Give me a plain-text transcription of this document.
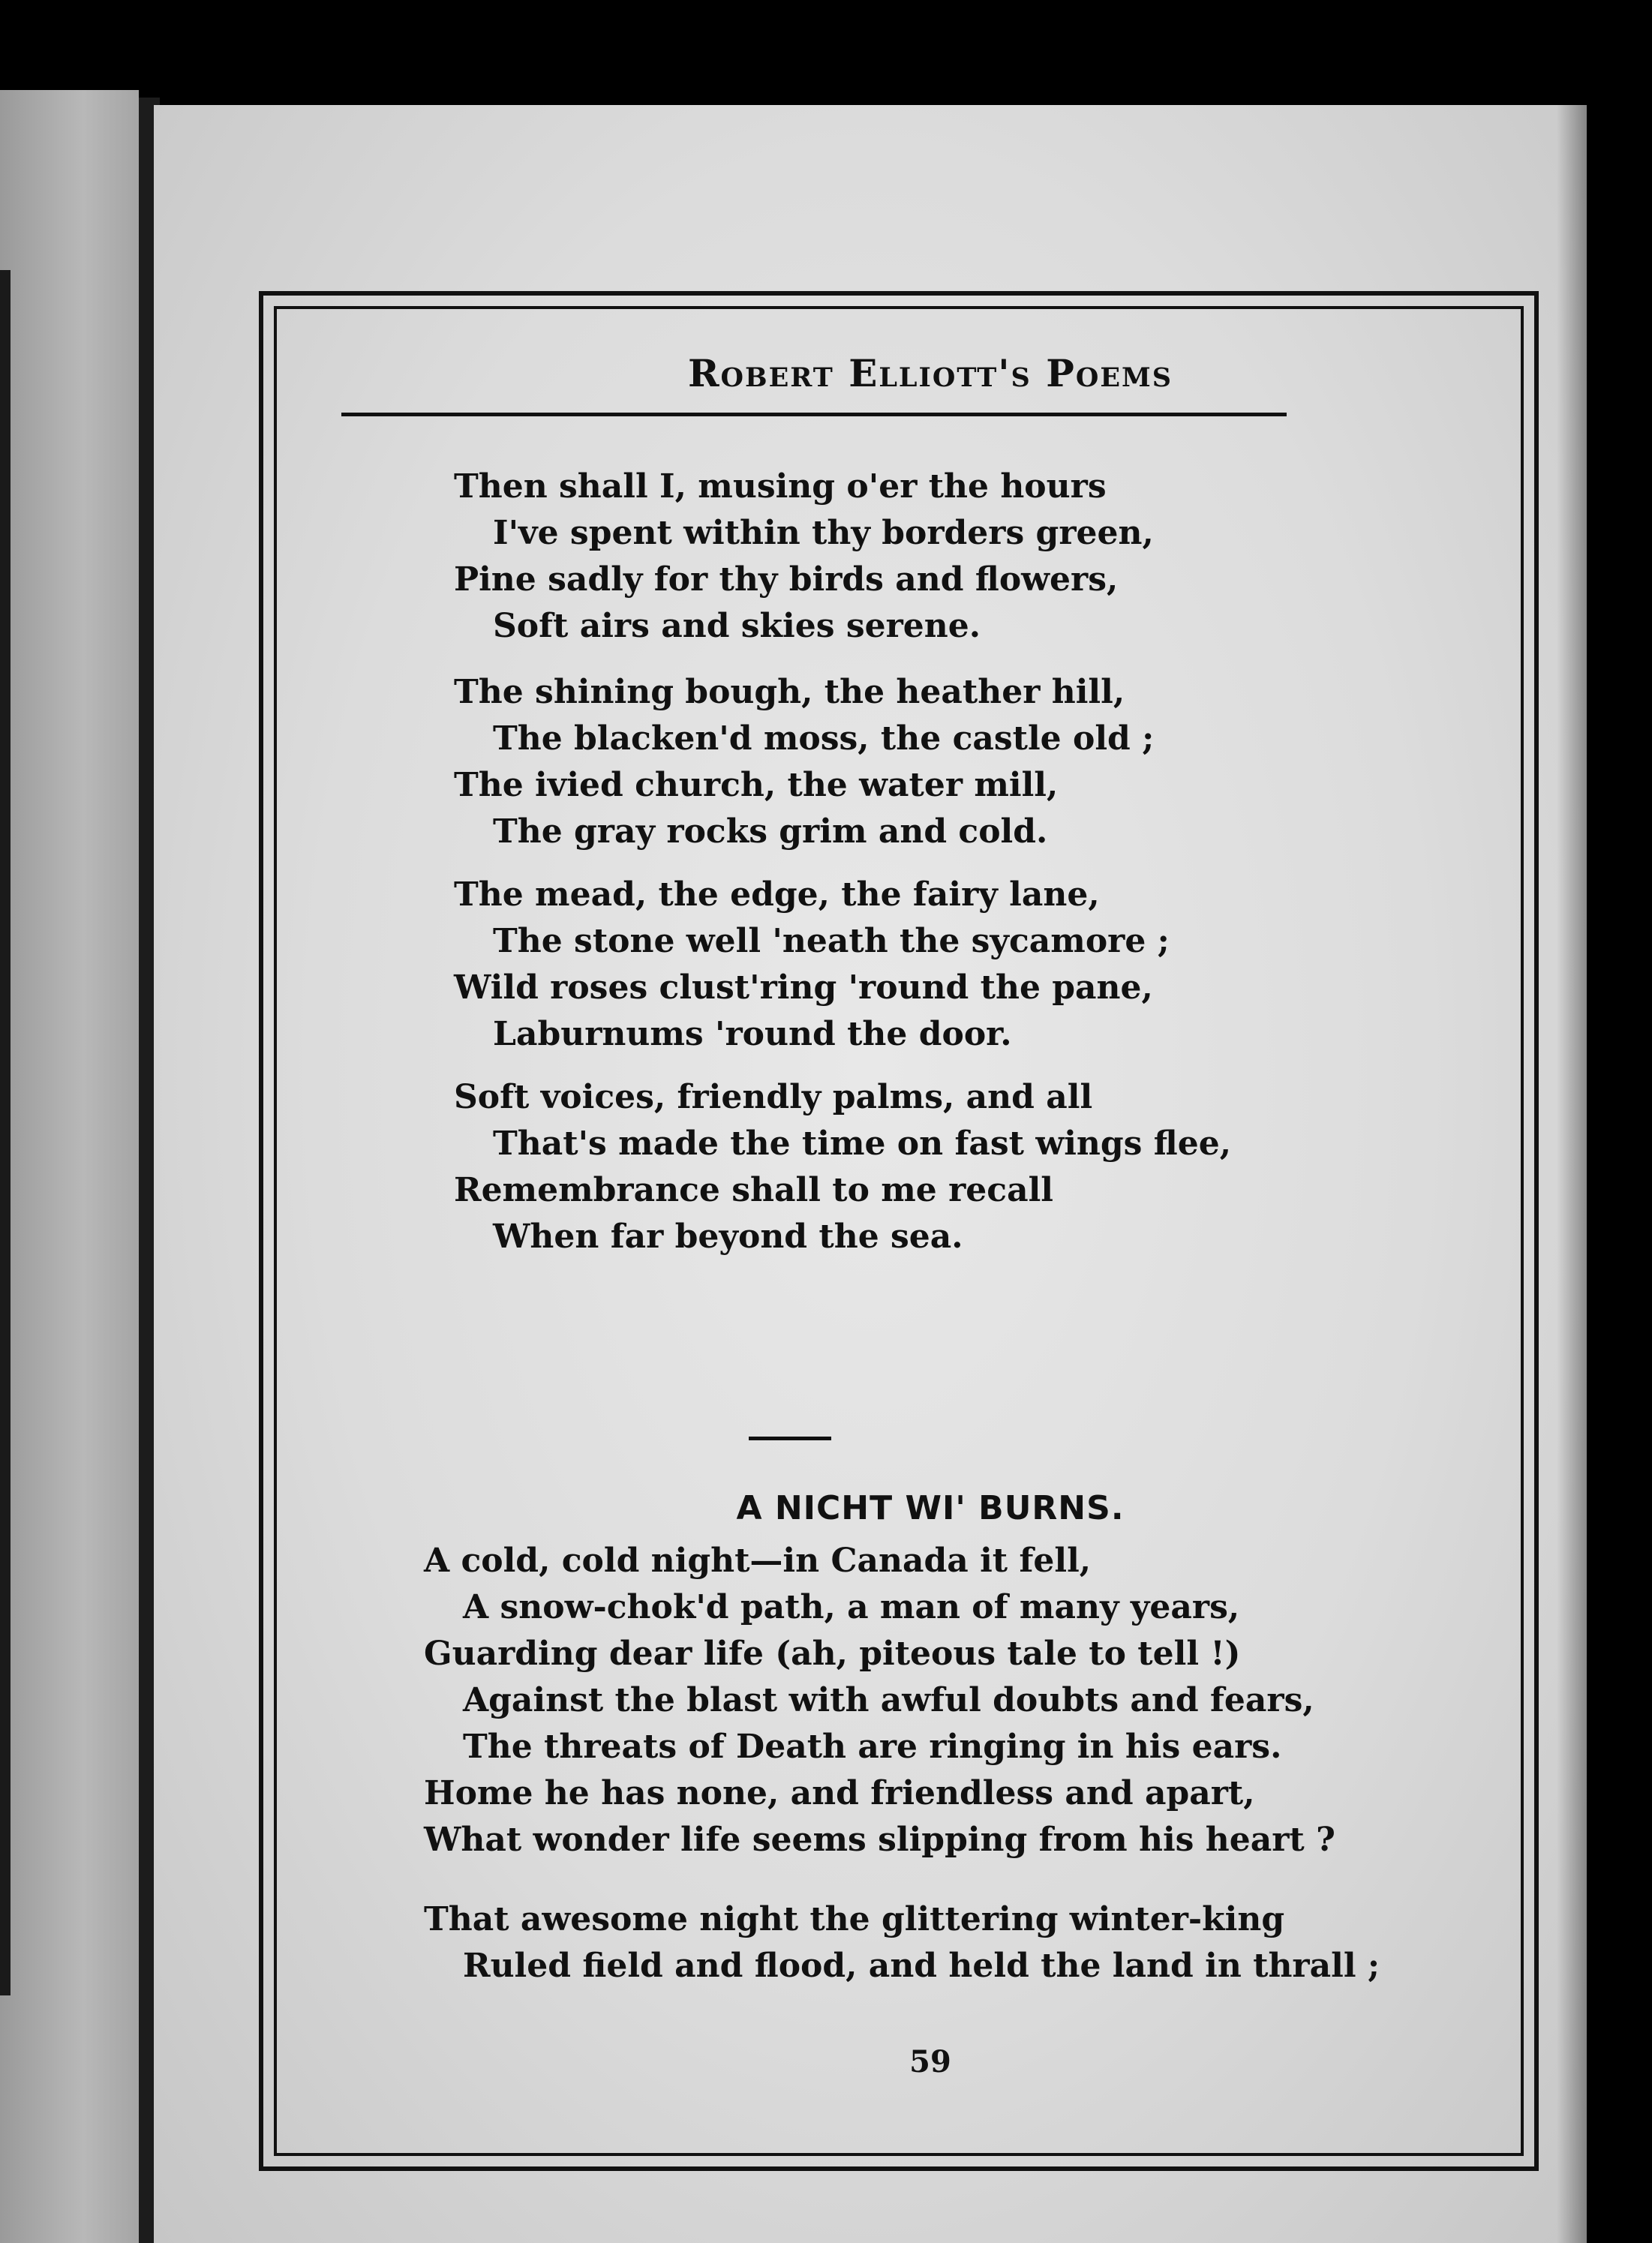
Robert Elliott's Poems
Then shall I, musing o'er the hours
I've spent within thy borders green,
Pine sadly for thy birds and flowers,
Soft airs and skies serene.
The shining bough, the heather hill,
The blacken'd moss, the castle old ;
The ivied church, the water mill,
The gray rocks grim and cold.
The mead, the edge, the fairy lane,
The stone well 'neath the sycamore ;
Wild roses clust'ring 'round the pane,
Laburnums 'round the door.
Soft voices, friendly palms, and all
That's made the time on fast wings flee,
Remembrance shall to me recall
When far beyond the sea.
A NICHT WI' BURNS.
A cold, cold night—in Canada it fell,
A snow-chok'd path, a man of many years,
Guarding dear life (ah, piteous tale to tell !)
Against the blast with awful doubts and fears,
The threats of Death are ringing in his ears.
Home he has none, and friendless and apart,
What wonder life seems slipping from his heart ?
That awesome night the glittering winter-king
Ruled field and flood, and held the land in thrall ;
59
